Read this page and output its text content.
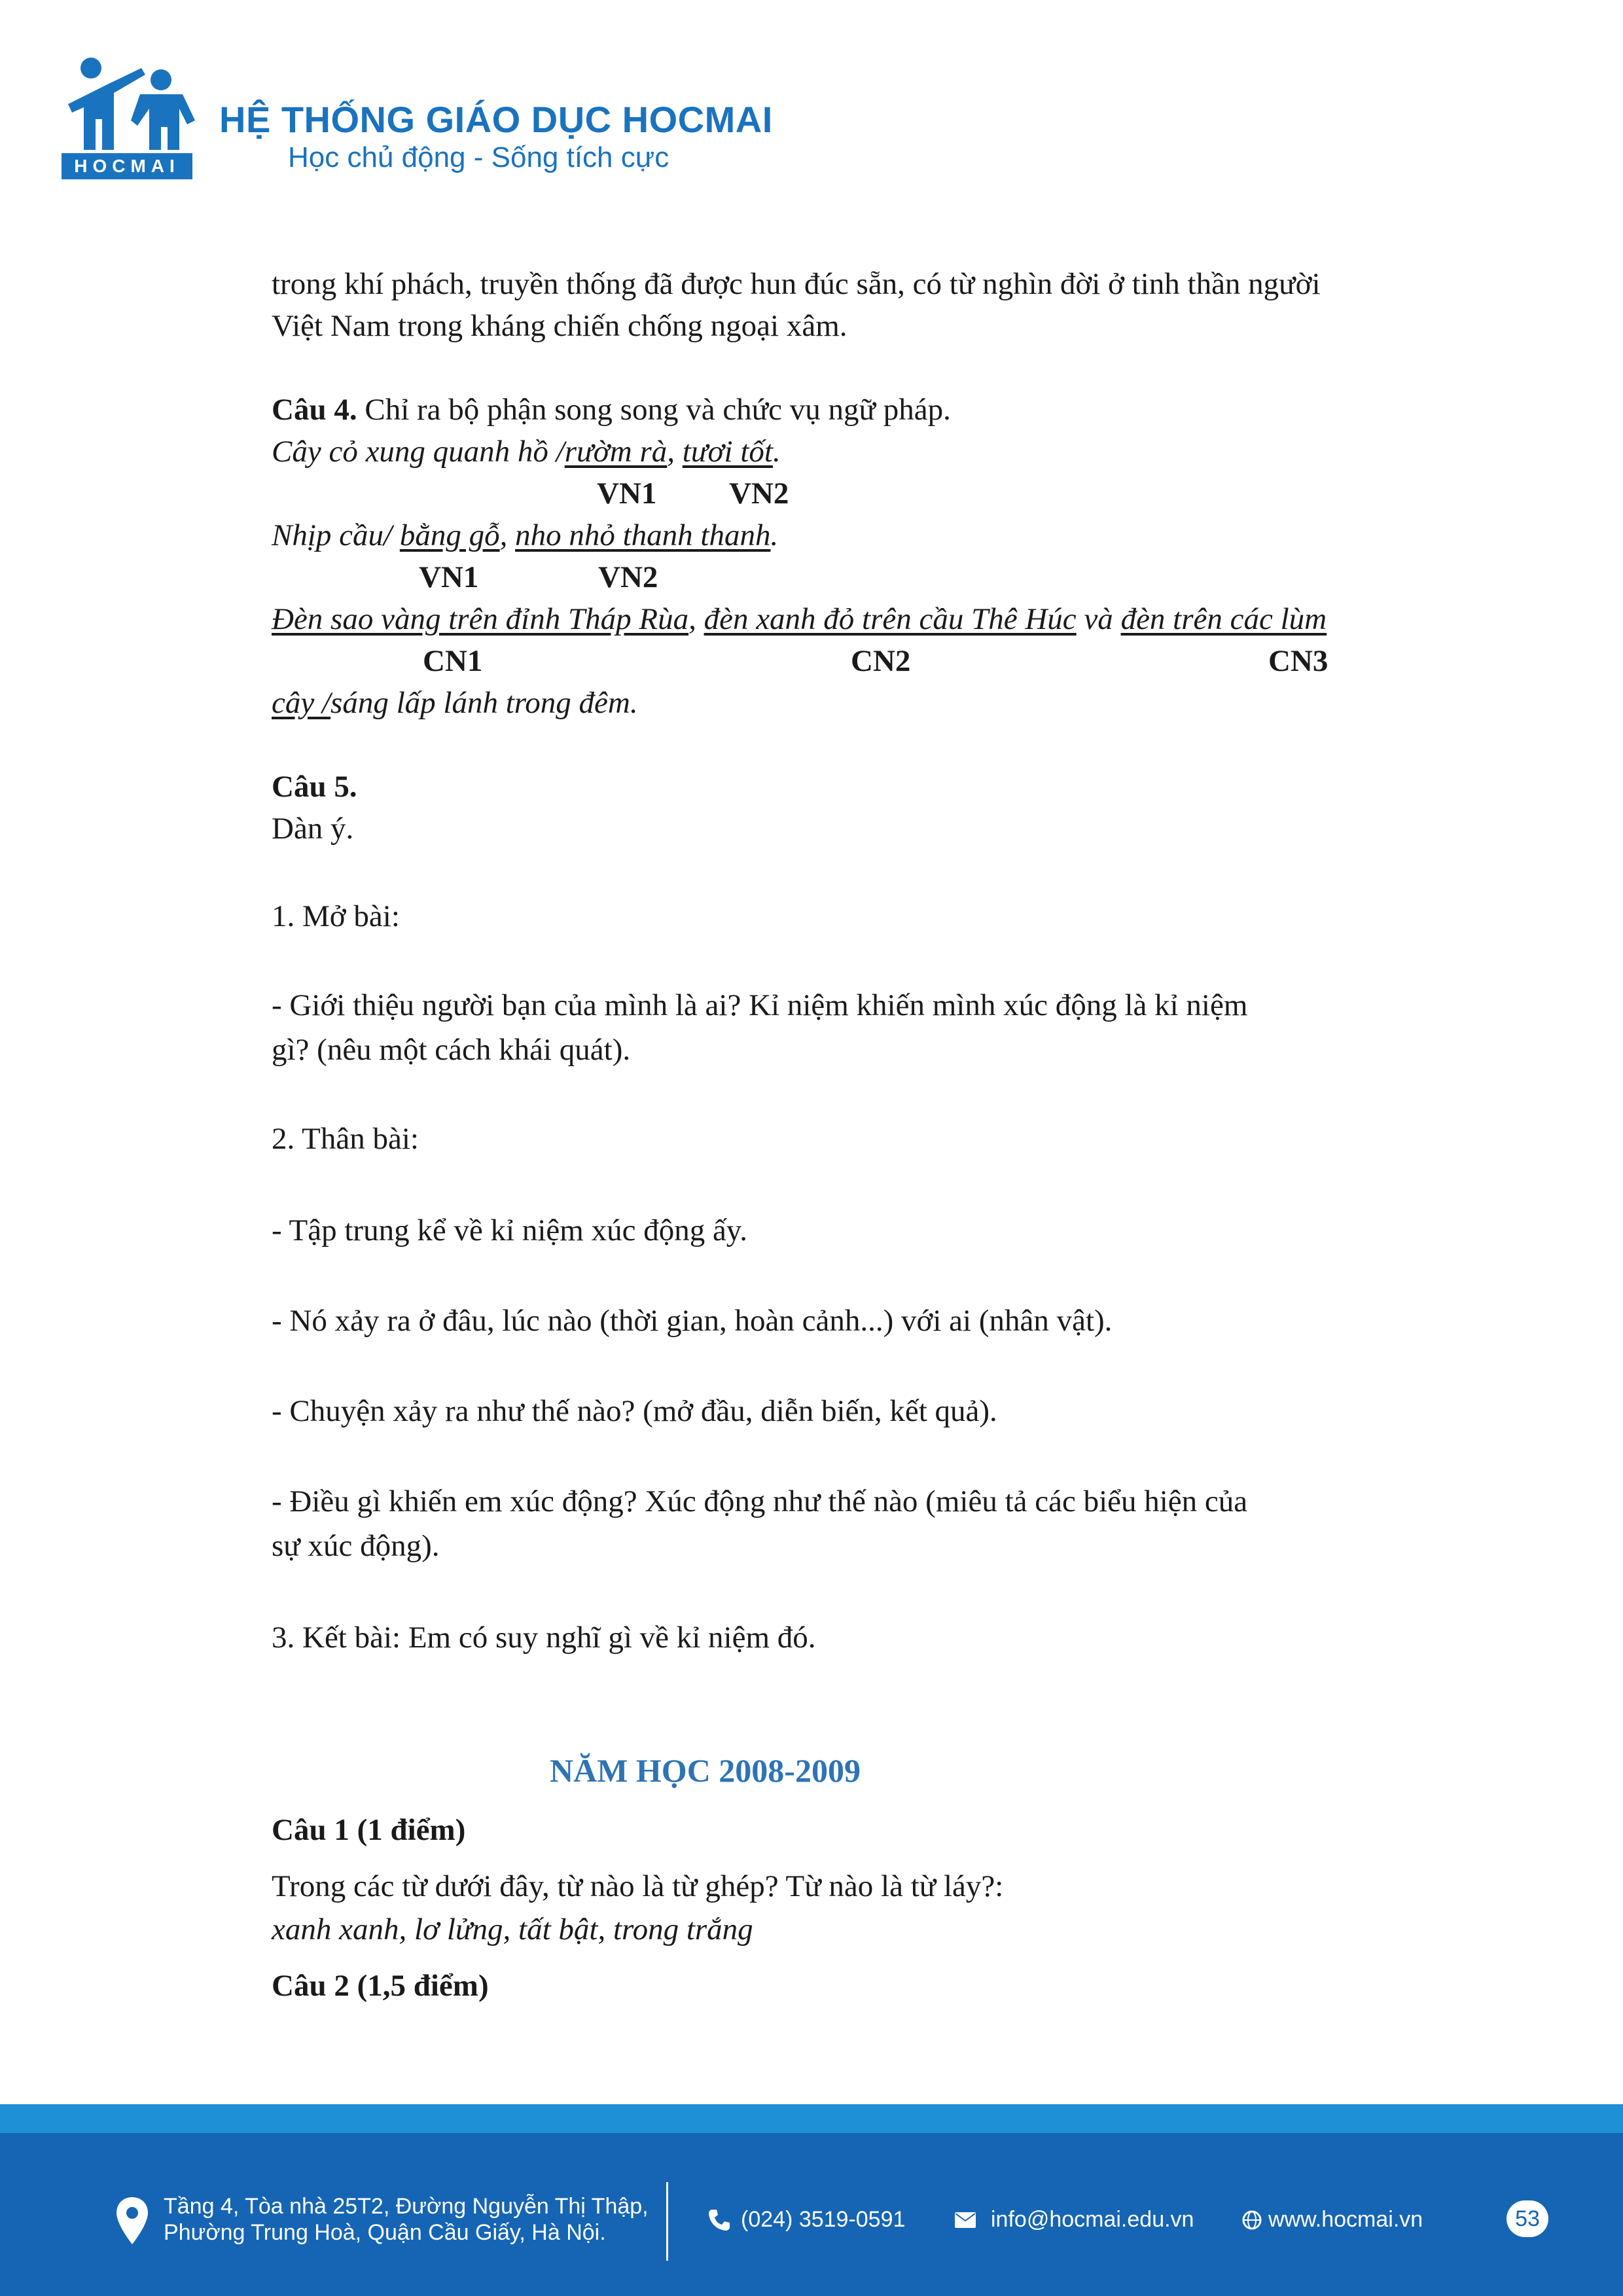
HOCMAI
HỆ THỐNG GIÁO DỤC HOCMAI
Học chủ động - Sống tích cực
trong khí phách, truyền thống đã được hun đúc sẵn, có từ nghìn đời ở tinh thần người
Việt Nam trong kháng chiến chống ngoại xâm.
Câu 4. Chỉ ra bộ phận song song và chức vụ ngữ pháp.
Cây cỏ xung quanh hồ /rườm rà, tươi tốt.
VN1 VN2
Nhịp cầu/ bằng gỗ, nho nhỏ thanh thanh.
VN1	VN2
Đèn sao vàng trên đỉnh Tháp Rùa, đèn xanh đỏ trên cầu Thê Húc và đèn trên các lùm
CN1	CN2	CN3
cây /sáng lấp lánh trong đêm.
Câu 5.
Dàn ý.
1. Mở bài:
- Giới thiệu người bạn của mình là ai? Kỉ niệm khiến mình xúc động là kỉ niệm
gì? (nêu một cách khái quát).
2. Thân bài:
- Tập trung kể về kỉ niệm xúc động ấy.
- Nó xảy ra ở đâu, lúc nào (thời gian, hoàn cảnh...) với ai (nhân vật).
- Chuyện xảy ra như thế nào? (mở đầu, diễn biến, kết quả).
- Điều gì khiến em xúc động? Xúc động như thế nào (miêu tả các biểu hiện của
sự xúc động).
3. Kết bài: Em có suy nghĩ gì về kỉ niệm đó.
NĂM HỌC 2008-2009
Câu 1 (1 điểm)
Trong các từ dưới đây, từ nào là từ ghép? Từ nào là từ láy?:
xanh xanh, lơ lửng, tất bật, trong trắng
Câu 2 (1,5 điểm)
Tầng 4, Tòa nhà 25T2, Đường Nguyễn Thị Thập,
Phường Trung Hoà, Quận Cầu Giấy, Hà Nội.
(024) 3519-0591	info@hocmai.edu.vn	www.hocmai.vn	53
